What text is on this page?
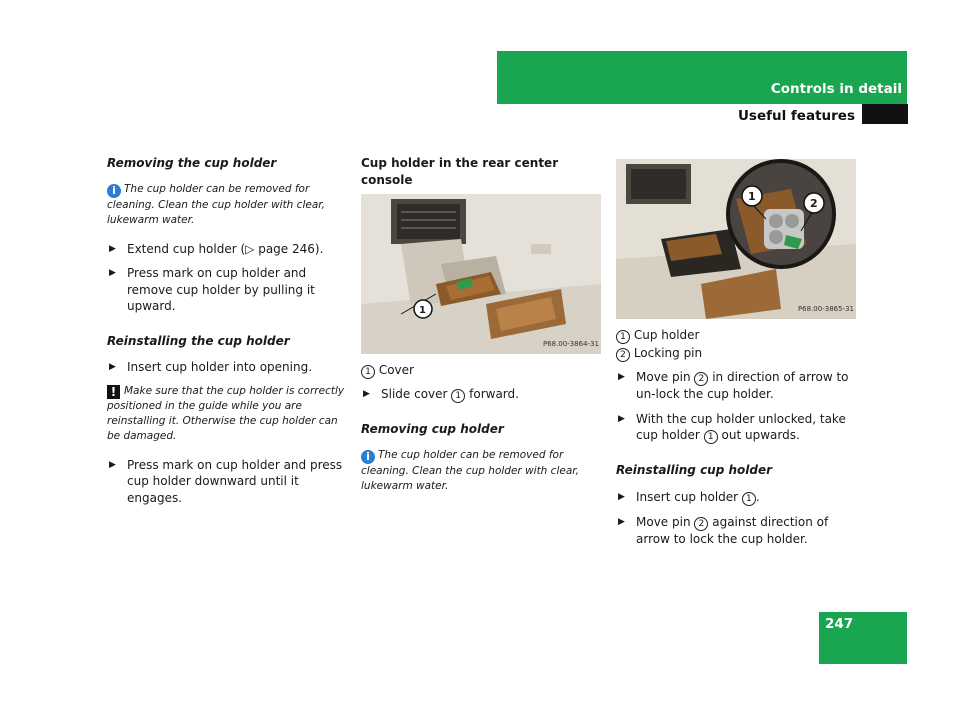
Controls in detail
Useful features

Removing the cup holder

i The cup holder can be removed for cleaning. Clean the cup holder with clear, lukewarm water.

▶ Extend cup holder (▷ page 246).
▶ Press mark on cup holder and remove cup holder by pulling it upward.

Reinstalling the cup holder

▶ Insert cup holder into opening.

! Make sure that the cup holder is correctly positioned in the guide while you are reinstalling it. Otherwise the cup holder can be damaged.

▶ Press mark on cup holder and press cup holder downward until it engages.

Cup holder in the rear center console

1
P68.00-3864-31
1 Cover
▶ Slide cover 1 forward.

Removing cup holder

i The cup holder can be removed for cleaning. Clean the cup holder with clear, lukewarm water.

1
2
P68.00-3865-31
1 Cup holder
2 Locking pin
▶ Move pin 2 in direction of arrow to un-lock the cup holder.
▶ With the cup holder unlocked, take cup holder 1 out upwards.

Reinstalling cup holder

▶ Insert cup holder 1 .
▶ Move pin 2 against direction of arrow to lock the cup holder.
247
